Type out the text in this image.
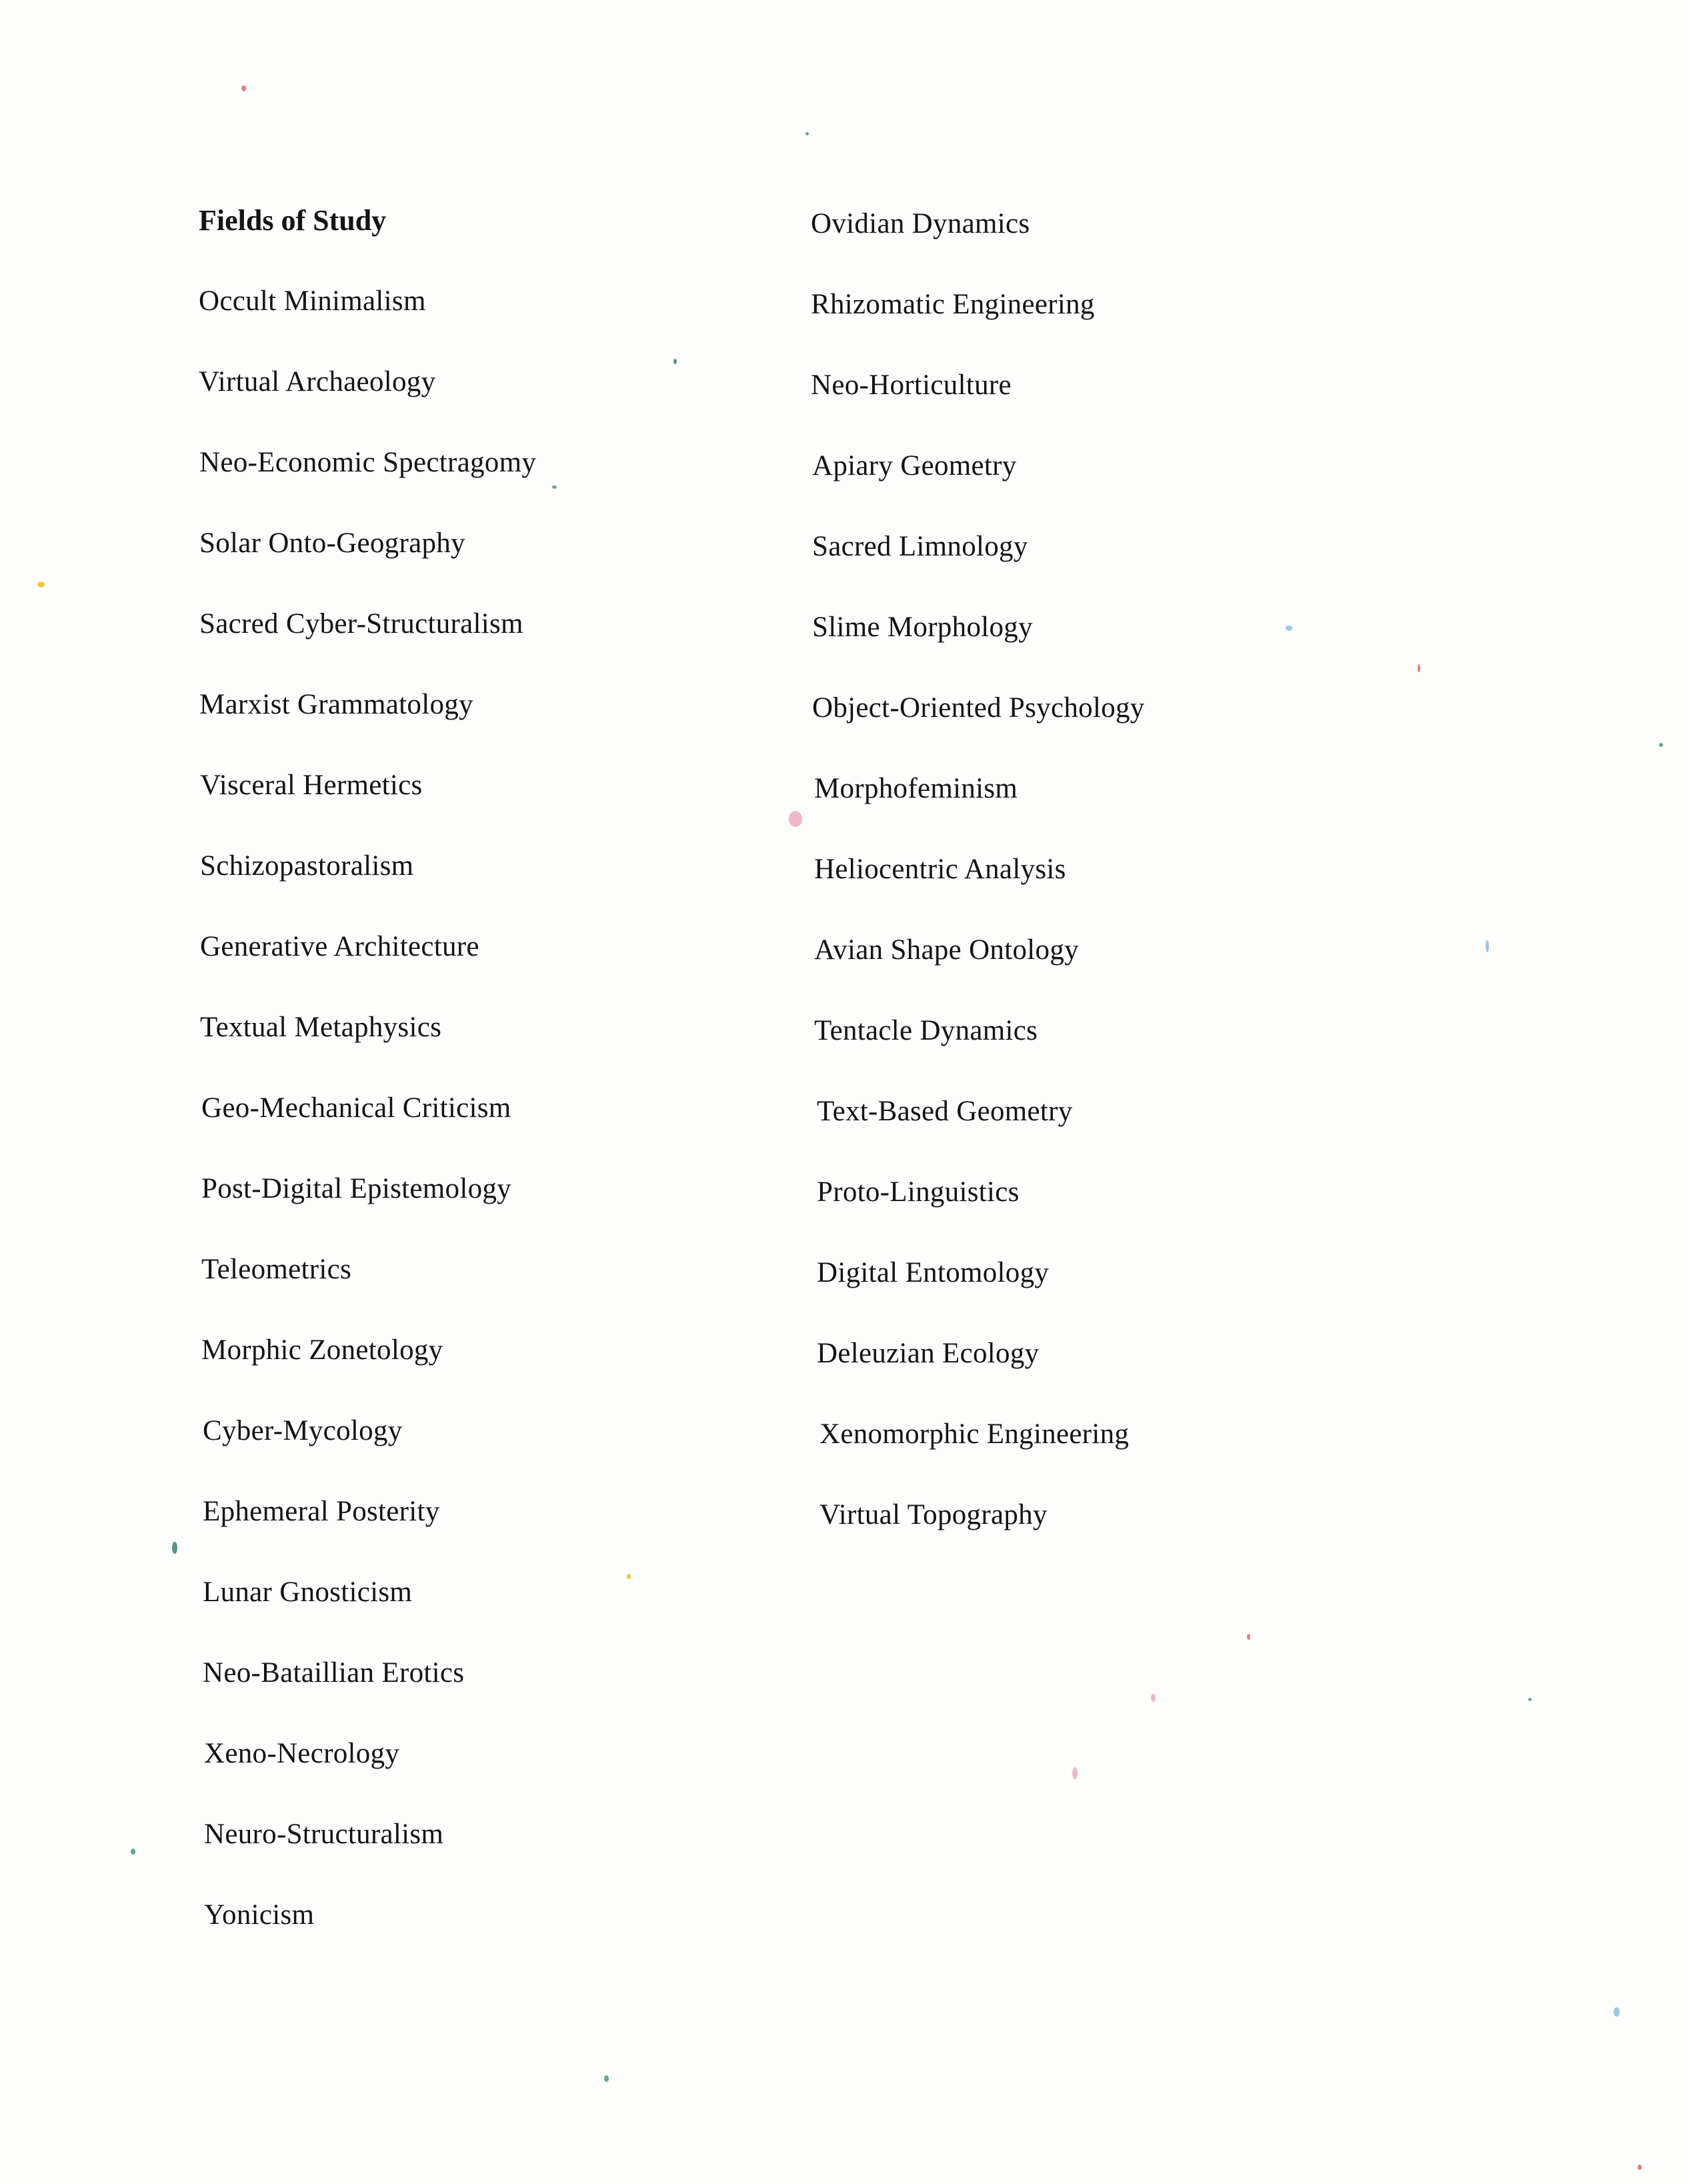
Fields of Study
Occult Minimalism
Virtual Archaeology
Neo-Economic Spectragomy
Solar Onto-Geography
Sacred Cyber-Structuralism
Marxist Grammatology
Visceral Hermetics
Schizopastoralism
Generative Architecture
Textual Metaphysics
Geo-Mechanical Criticism
Post-Digital Epistemology
Teleometrics
Morphic Zonetology
Cyber-Mycology
Ephemeral Posterity
Lunar Gnosticism
Neo-Bataillian Erotics
Xeno-Necrology
Neuro-Structuralism
Yonicism
Ovidian Dynamics
Rhizomatic Engineering
Neo-Horticulture
Apiary Geometry
Sacred Limnology
Slime Morphology
Object-Oriented Psychology
Morphofeminism
Heliocentric Analysis
Avian Shape Ontology
Tentacle Dynamics
Text-Based Geometry
Proto-Linguistics
Digital Entomology
Deleuzian Ecology
Xenomorphic Engineering
Virtual Topography
